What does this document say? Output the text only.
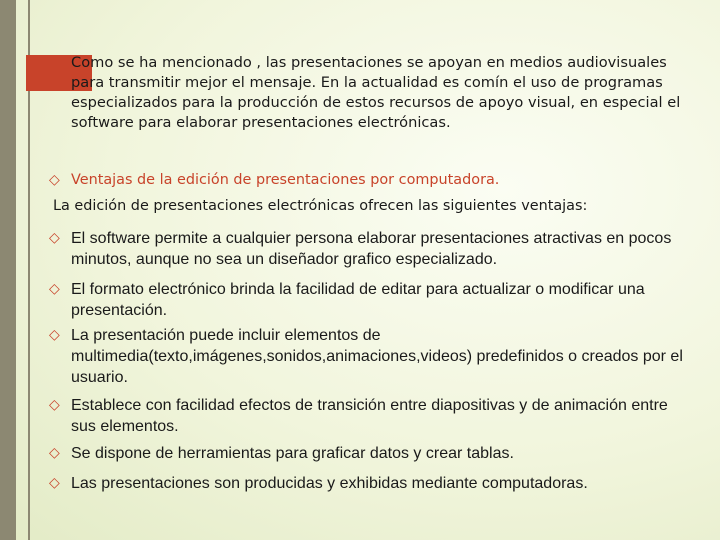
Como se ha mencionado , las presentaciones se apoyan en medios audiovisuales para transmitir mejor el mensaje. En la actualidad es comín el uso de programas especializados para la producción de estos recursos de apoyo visual, en especial el software para elaborar presentaciones electrónicas.
◇ Ventajas de la edición de presentaciones por computadora.
La edición de presentaciones electrónicas ofrecen las siguientes ventajas:
◇ El software permite a cualquier persona elaborar presentaciones atractivas en pocos minutos, aunque no sea un diseñador grafico especializado.
◇ El formato electrónico brinda la facilidad de editar para actualizar o modificar una presentación.
◇ La presentación puede incluir elementos de multimedia(texto,imágenes,sonidos,animaciones,videos) predefinidos o creados por el usuario.
◇ Establece con facilidad efectos de transición entre diapositivas y de animación entre sus elementos.
◇ Se dispone de herramientas para graficar datos y crear tablas.
◇ Las presentaciones son producidas y exhibidas mediante computadoras.
